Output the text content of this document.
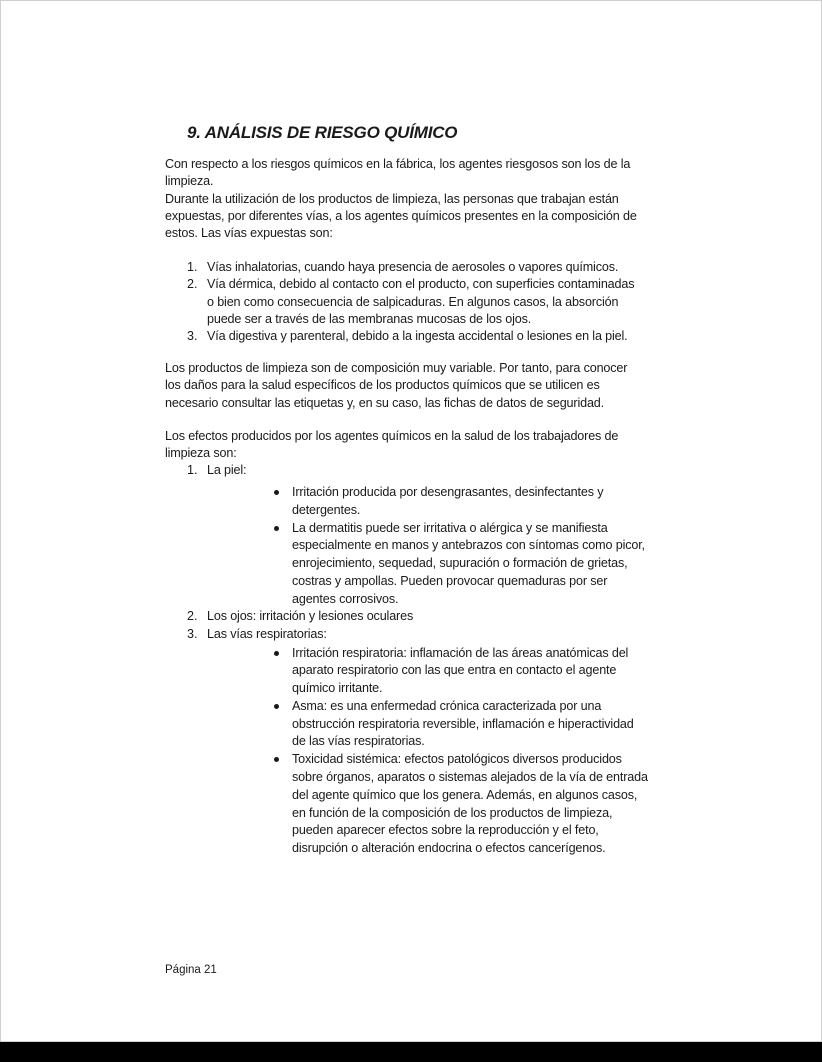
9. ANÁLISIS DE RIESGO QUÍMICO
Con respecto a los riesgos químicos en la fábrica, los agentes riesgosos son los de la
limpieza.
Durante la utilización de los productos de limpieza, las personas que trabajan están
expuestas, por diferentes vías, a los agentes químicos presentes en la composición de
estos. Las vías expuestas son:
1. Vías inhalatorias, cuando haya presencia de aerosoles o vapores químicos.
2. Vía dérmica, debido al contacto con el producto, con superficies contaminadas
o bien como consecuencia de salpicaduras. En algunos casos, la absorción
puede ser a través de las membranas mucosas de los ojos.
3. Vía digestiva y parenteral, debido a la ingesta accidental o lesiones en la piel.
Los productos de limpieza son de composición muy variable. Por tanto, para conocer
los daños para la salud específicos de los productos químicos que se utilicen es
necesario consultar las etiquetas y, en su caso, las fichas de datos de seguridad.
Los efectos producidos por los agentes químicos en la salud de los trabajadores de
limpieza son:
1. La piel:
Irritación producida por desengrasantes, desinfectantes y
detergentes.
La dermatitis puede ser irritativa o alérgica y se manifiesta
especialmente en manos y antebrazos con síntomas como picor,
enrojecimiento, sequedad, supuración o formación de grietas,
costras y ampollas. Pueden provocar quemaduras por ser
agentes corrosivos.
2. Los ojos: irritación y lesiones oculares
3. Las vías respiratorias:
Irritación respiratoria: inflamación de las áreas anatómicas del
aparato respiratorio con las que entra en contacto el agente
químico irritante.
Asma: es una enfermedad crónica caracterizada por una
obstrucción respiratoria reversible, inflamación e hiperactividad
de las vías respiratorias.
Toxicidad sistémica: efectos patológicos diversos producidos
sobre órganos, aparatos o sistemas alejados de la vía de entrada
del agente químico que los genera. Además, en algunos casos,
en función de la composición de los productos de limpieza,
pueden aparecer efectos sobre la reproducción y el feto,
disrupción o alteración endocrina o efectos cancerígenos.
Página 21
